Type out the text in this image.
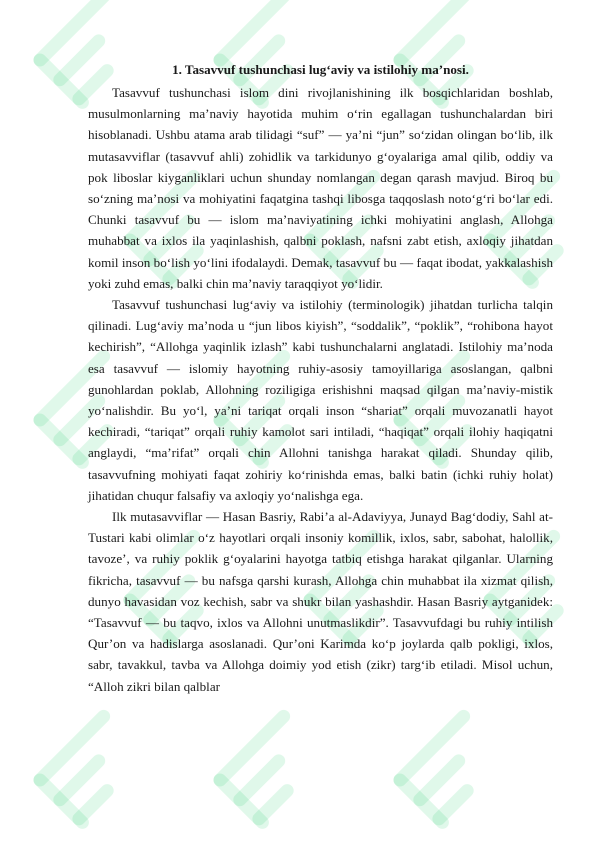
1. Tasavvuf tushunchasi lug‘aviy va istilohiy ma’nosi.

Tasavvuf tushunchasi islom dini rivojlanishining ilk bosqichlaridan boshlab, musulmonlarning ma’naviy hayotida muhim o‘rin egallagan tushunchalardan biri hisoblanadi. Ushbu atama arab tilidagi “suf” — ya’ni “jun” so‘zidan olingan bo‘lib, ilk mutasavviflar (tasavvuf ahli) zohidlik va tarkidunyo g‘oyalariga amal qilib, oddiy va pok liboslar kiyganliklari uchun shunday nomlangan degan qarash mavjud. Biroq bu so‘zning ma’nosi va mohiyatini faqatgina tashqi libosga taqqoslash noto‘g‘ri bo‘lar edi. Chunki tasavvuf bu — islom ma’naviyatining ichki mohiyatini anglash, Allohga muhabbat va ixlos ila yaqinlashish, qalbni poklash, nafsni zabt etish, axloqiy jihatdan komil inson bo‘lish yo‘lini ifodalaydi. Demak, tasavvuf bu — faqat ibodat, yakkalashish yoki zuhd emas, balki chin ma’naviy taraqqiyot yo‘lidir.

Tasavvuf tushunchasi lug‘aviy va istilohiy (terminologik) jihatdan turlicha talqin qilinadi. Lug‘aviy ma’noda u “jun libos kiyish”, “soddalik”, “poklik”, “rohibona hayot kechirish”, “Allohga yaqinlik izlash” kabi tushunchalarni anglatadi. Istilohiy ma’noda esa tasavvuf — islomiy hayotning ruhiy-asosiy tamoyillariga asoslangan, qalbni gunohlardan poklab, Allohning roziligiga erishishni maqsad qilgan ma’naviy-mistik yo‘nalishdir. Bu yo‘l, ya’ni tariqat orqali inson “shariat” orqali muvozanatli hayot kechiradi, “tariqat” orqali ruhiy kamolot sari intiladi, “haqiqat” orqali ilohiy haqiqatni anglaydi, “ma’rifat” orqali chin Allohni tanishga harakat qiladi. Shunday qilib, tasavvufning mohiyati faqat zohiriy ko‘rinishda emas, balki batin (ichki ruhiy holat) jihatidan chuqur falsafiy va axloqiy yo‘nalishga ega.

Ilk mutasavviflar — Hasan Basriy, Rabi’a al-Adaviyya, Junayd Bag‘dodiy, Sahl at-Tustari kabi olimlar o‘z hayotlari orqali insoniy komillik, ixlos, sabr, sabohat, halollik, tavoze’, va ruhiy poklik g‘oyalarini hayotga tatbiq etishga harakat qilganlar. Ularning fikricha, tasavvuf — bu nafsga qarshi kurash, Allohga chin muhabbat ila xizmat qilish, dunyo havasidan voz kechish, sabr va shukr bilan yashashdir. Hasan Basriy aytganidek: “Tasavvuf — bu taqvo, ixlos va Allohni unutmaslikdir”. Tasavvufdagi bu ruhiy intilish Qur’on va hadislarga asoslanadi. Qur’oni Karimda ko‘p joylarda qalb pokligi, ixlos, sabr, tavakkul, tavba va Allohga doimiy yod etish (zikr) targ‘ib etiladi. Misol uchun, “Alloh zikri bilan qalblar
